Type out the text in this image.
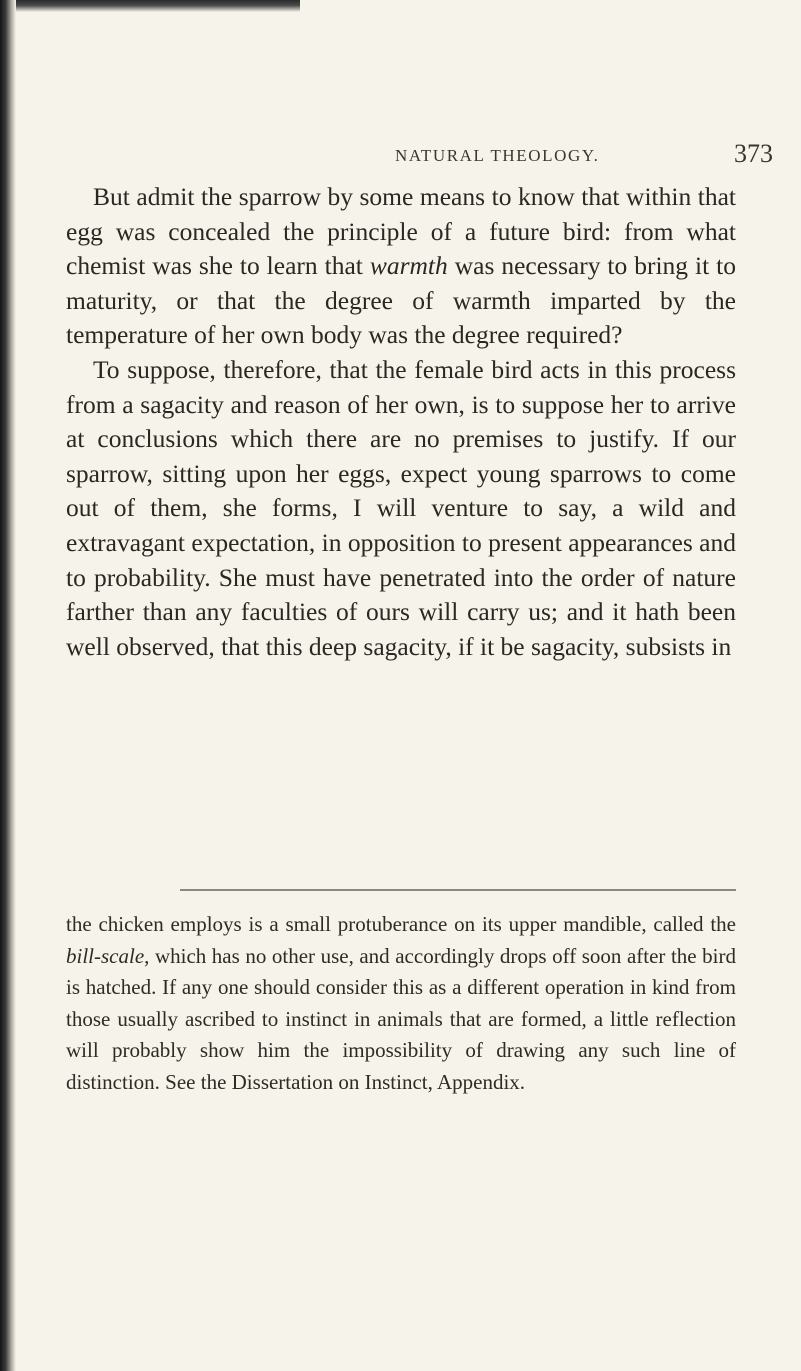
NATURAL THEOLOGY.	373

But admit the sparrow by some means to know that within that egg was concealed the principle of a future bird: from what chemist was she to learn that warmth was necessary to bring it to maturity, or that the degree of warmth imparted by the temperature of her own body was the degree required?

To suppose, therefore, that the female bird acts in this process from a sagacity and reason of her own, is to suppose her to arrive at conclusions which there are no premises to justify. If our sparrow, sitting upon her eggs, expect young sparrows to come out of them, she forms, I will venture to say, a wild and extravagant expectation, in opposition to present appearances and to probability. She must have penetrated into the order of nature farther than any faculties of ours will carry us; and it hath been well observed, that this deep sagacity, if it be sagacity, subsists in

the chicken employs is a small protuberance on its upper mandible, called the bill-scale, which has no other use, and accordingly drops off soon after the bird is hatched. If any one should consider this as a different operation in kind from those usually ascribed to instinct in animals that are formed, a little reflection will probably show him the impossibility of drawing any such line of distinction. See the Dissertation on Instinct, Appendix.
